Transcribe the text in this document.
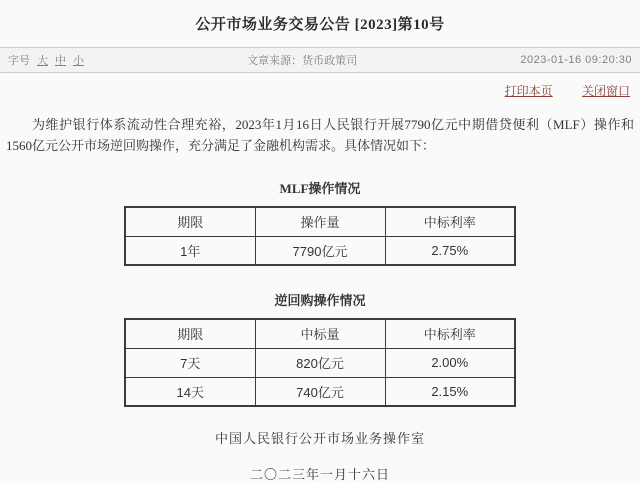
公开市场业务交易公告 [2023]第10号
字号 大 中 小	文章来源：货币政策司	2023-01-16 09:20:30
打印本页 关闭窗口
为维护银行体系流动性合理充裕，2023年1月16日人民银行开展7790亿元中期借贷便利（MLF）操作和1560亿元公开市场逆回购操作，充分满足了金融机构需求。具体情况如下：
MLF操作情况
期限	操作量	中标利率
1年	7790亿元	2.75%
逆回购操作情况
期限	中标量	中标利率
7天	820亿元	2.00%
14天	740亿元	2.15%
中国人民银行公开市场业务操作室
二〇二三年一月十六日
